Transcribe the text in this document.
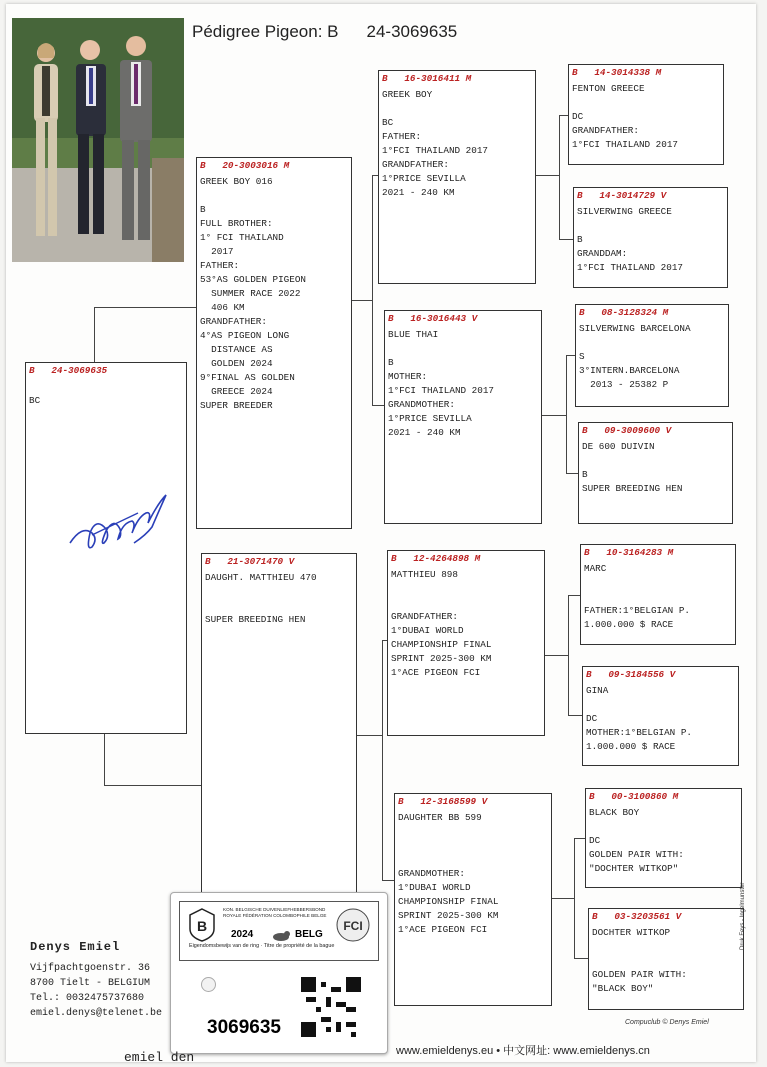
Pédigree Pigeon: B 24-3069635
B   24-3069635
BC
B   20-3003016 M
GREEK BOY 016
B
FULL BROTHER:
1° FCI THAILAND
2017
FATHER:
53°AS GOLDEN PIGEON
SUMMER RACE 2022
406 KM
GRANDFATHER:
4°AS PIGEON LONG
DISTANCE AS
GOLDEN 2024
9°FINAL AS GOLDEN
GREECE 2024
SUPER BREEDER
B   21-3071470 V
DAUGHT. MATTHIEU 470
SUPER BREEDING HEN
B   16-3016411 M
GREEK BOY
BC
FATHER:
1°FCI THAILAND 2017
GRANDFATHER:
1°PRICE SEVILLA
2021 - 240 KM
B   16-3016443 V
BLUE THAI
B
MOTHER:
1°FCI THAILAND 2017
GRANDMOTHER:
1°PRICE SEVILLA
2021 - 240 KM
B   12-4264898 M
MATTHIEU 898
GRANDFATHER:
1°DUBAI WORLD
CHAMPIONSHIP FINAL
SPRINT 2025-300 KM
1°ACE PIGEON FCI
B   12-3168599 V
DAUGHTER BB 599
GRANDMOTHER:
1°DUBAI WORLD
CHAMPIONSHIP FINAL
SPRINT 2025-300 KM
1°ACE PIGEON FCI
B   14-3014338 M
FENTON GREECE
DC
GRANDFATHER:
1°FCI THAILAND 2017
B   14-3014729 V
SILVERWING GREECE
B
GRANDDAM:
1°FCI THAILAND 2017
B   08-3128324 M
SILVERWING BARCELONA
S
3°INTERN.BARCELONA
2013 - 25382 P
B   09-3009600 V
DE 600 DUIVIN
B
SUPER BREEDING HEN
B   10-3164283 M
MARC
FATHER:1°BELGIAN P.
1.000.000 $ RACE
B   09-3184556 V
GINA
DC
MOTHER:1°BELGIAN P.
1.000.000 $ RACE
B   00-3100860 M
BLACK BOY
DC
GOLDEN PAIR WITH:
"DOCHTER WITKOP"
B   03-3203561 V
DOCHTER WITKOP
GOLDEN PAIR WITH:
"BLACK BOY"
Denys Emiel
Vijfpachtgoenstr. 36
8700 Tielt - BELGIUM
Tel.: 0032475737680
emiel.denys@telenet.be
B
KON. BELGISCHE DUIVENLIEFHEBBERSBOND
ROYALE FÉDÉRATION COLOMBOPHILE BELGE
2024	BELG
FCI
Eigendomsbewijs van de ring · Titre de propriété de la bague
3069635
www.emieldenys.eu • 中文网址: www.emieldenys.cn
Compuclub © Denys Emiel
Druk Feys - Ingelmunster
emiel den
